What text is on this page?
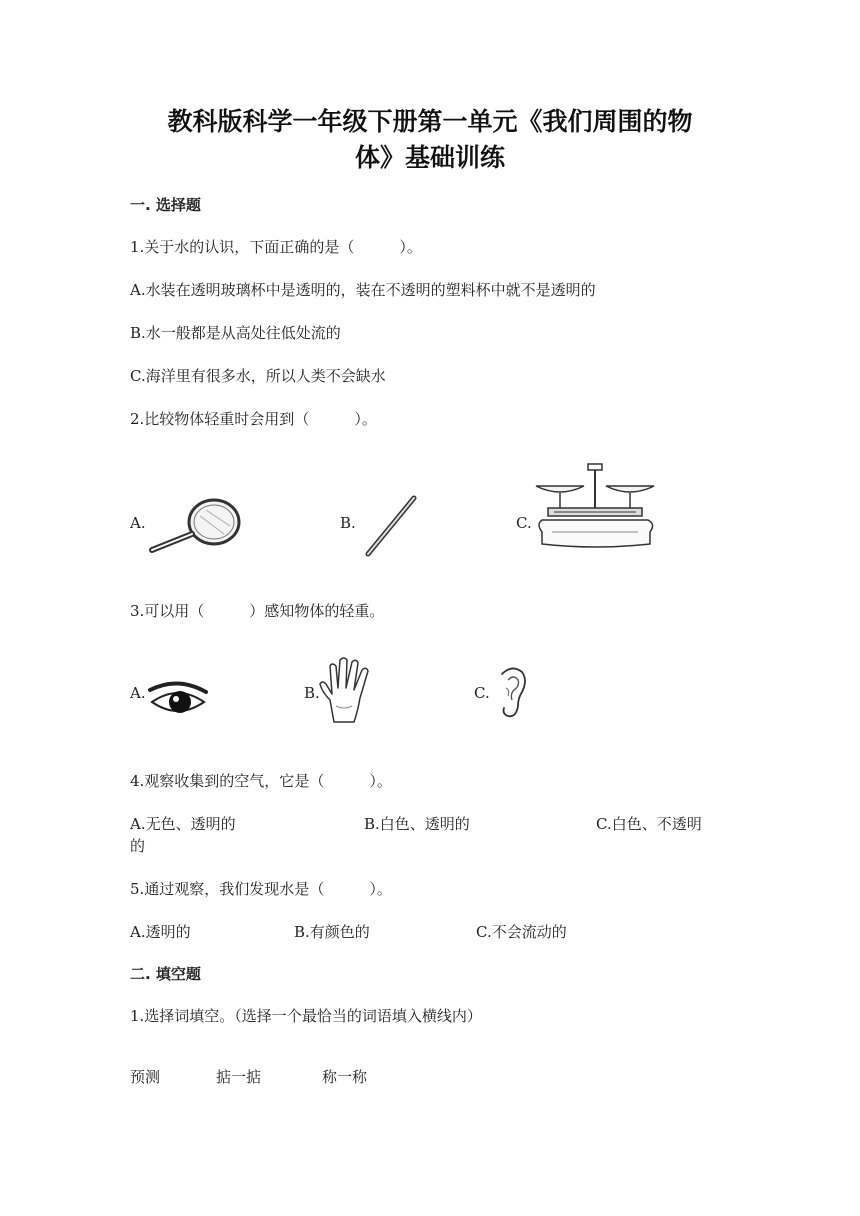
教科版科学一年级下册第一单元《我们周围的物
体》基础训练
一. 选择题
1.关于水的认识，下面正确的是（　　　）。
A.水装在透明玻璃杯中是透明的，装在不透明的塑料杯中就不是透明的
B.水一般都是从高处往低处流的
C.海洋里有很多水，所以人类不会缺水
2.比较物体轻重时会用到（　　　）。
A.	B.	C.
3.可以用（　　　）感知物体的轻重。
A.	B.	C.
4.观察收集到的空气，它是（　　　）。
A.无色、透明的	B.白色、透明的	C.白色、不透明
的
5.通过观察，我们发现水是（　　　）。
A.透明的	B.有颜色的	C.不会流动的
二. 填空题
1.选择词填空。（选择一个最恰当的词语填入横线内）
预测	掂一掂	称一称
